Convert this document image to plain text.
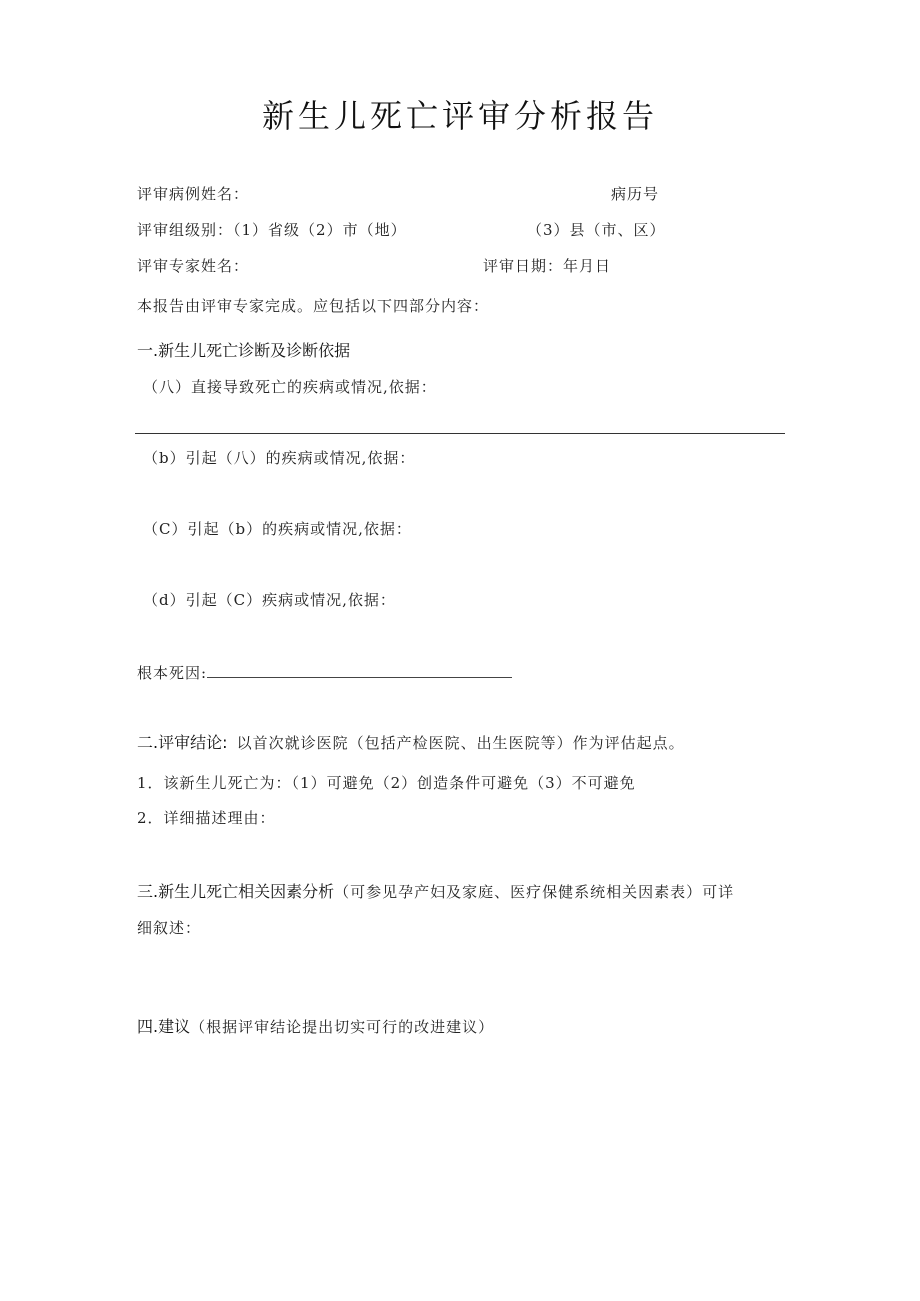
新生儿死亡评审分析报告
评审病例姓名：	病历号
评审组级别：（1）省级（2）市（地）	（3）县（市、区）
评审专家姓名：	评审日期：年月日
本报告由评审专家完成。应包括以下四部分内容：
一.新生儿死亡诊断及诊断依据
（八）直接导致死亡的疾病或情况,依据：
（b）引起（八）的疾病或情况,依据：
（C）引起（b）的疾病或情况,依据：
（d）引起（C）疾病或情况,依据：
根本死因:
二.评审结论: 以首次就诊医院（包括产检医院、出生医院等）作为评估起点。
1．该新生儿死亡为：（1）可避免（2）创造条件可避免（3）不可避免
2．详细描述理由：
三.新生儿死亡相关因素分析（可参见孕产妇及家庭、医疗保健系统相关因素表）可详
细叙述：
四.建议（根据评审结论提出切实可行的改进建议）
